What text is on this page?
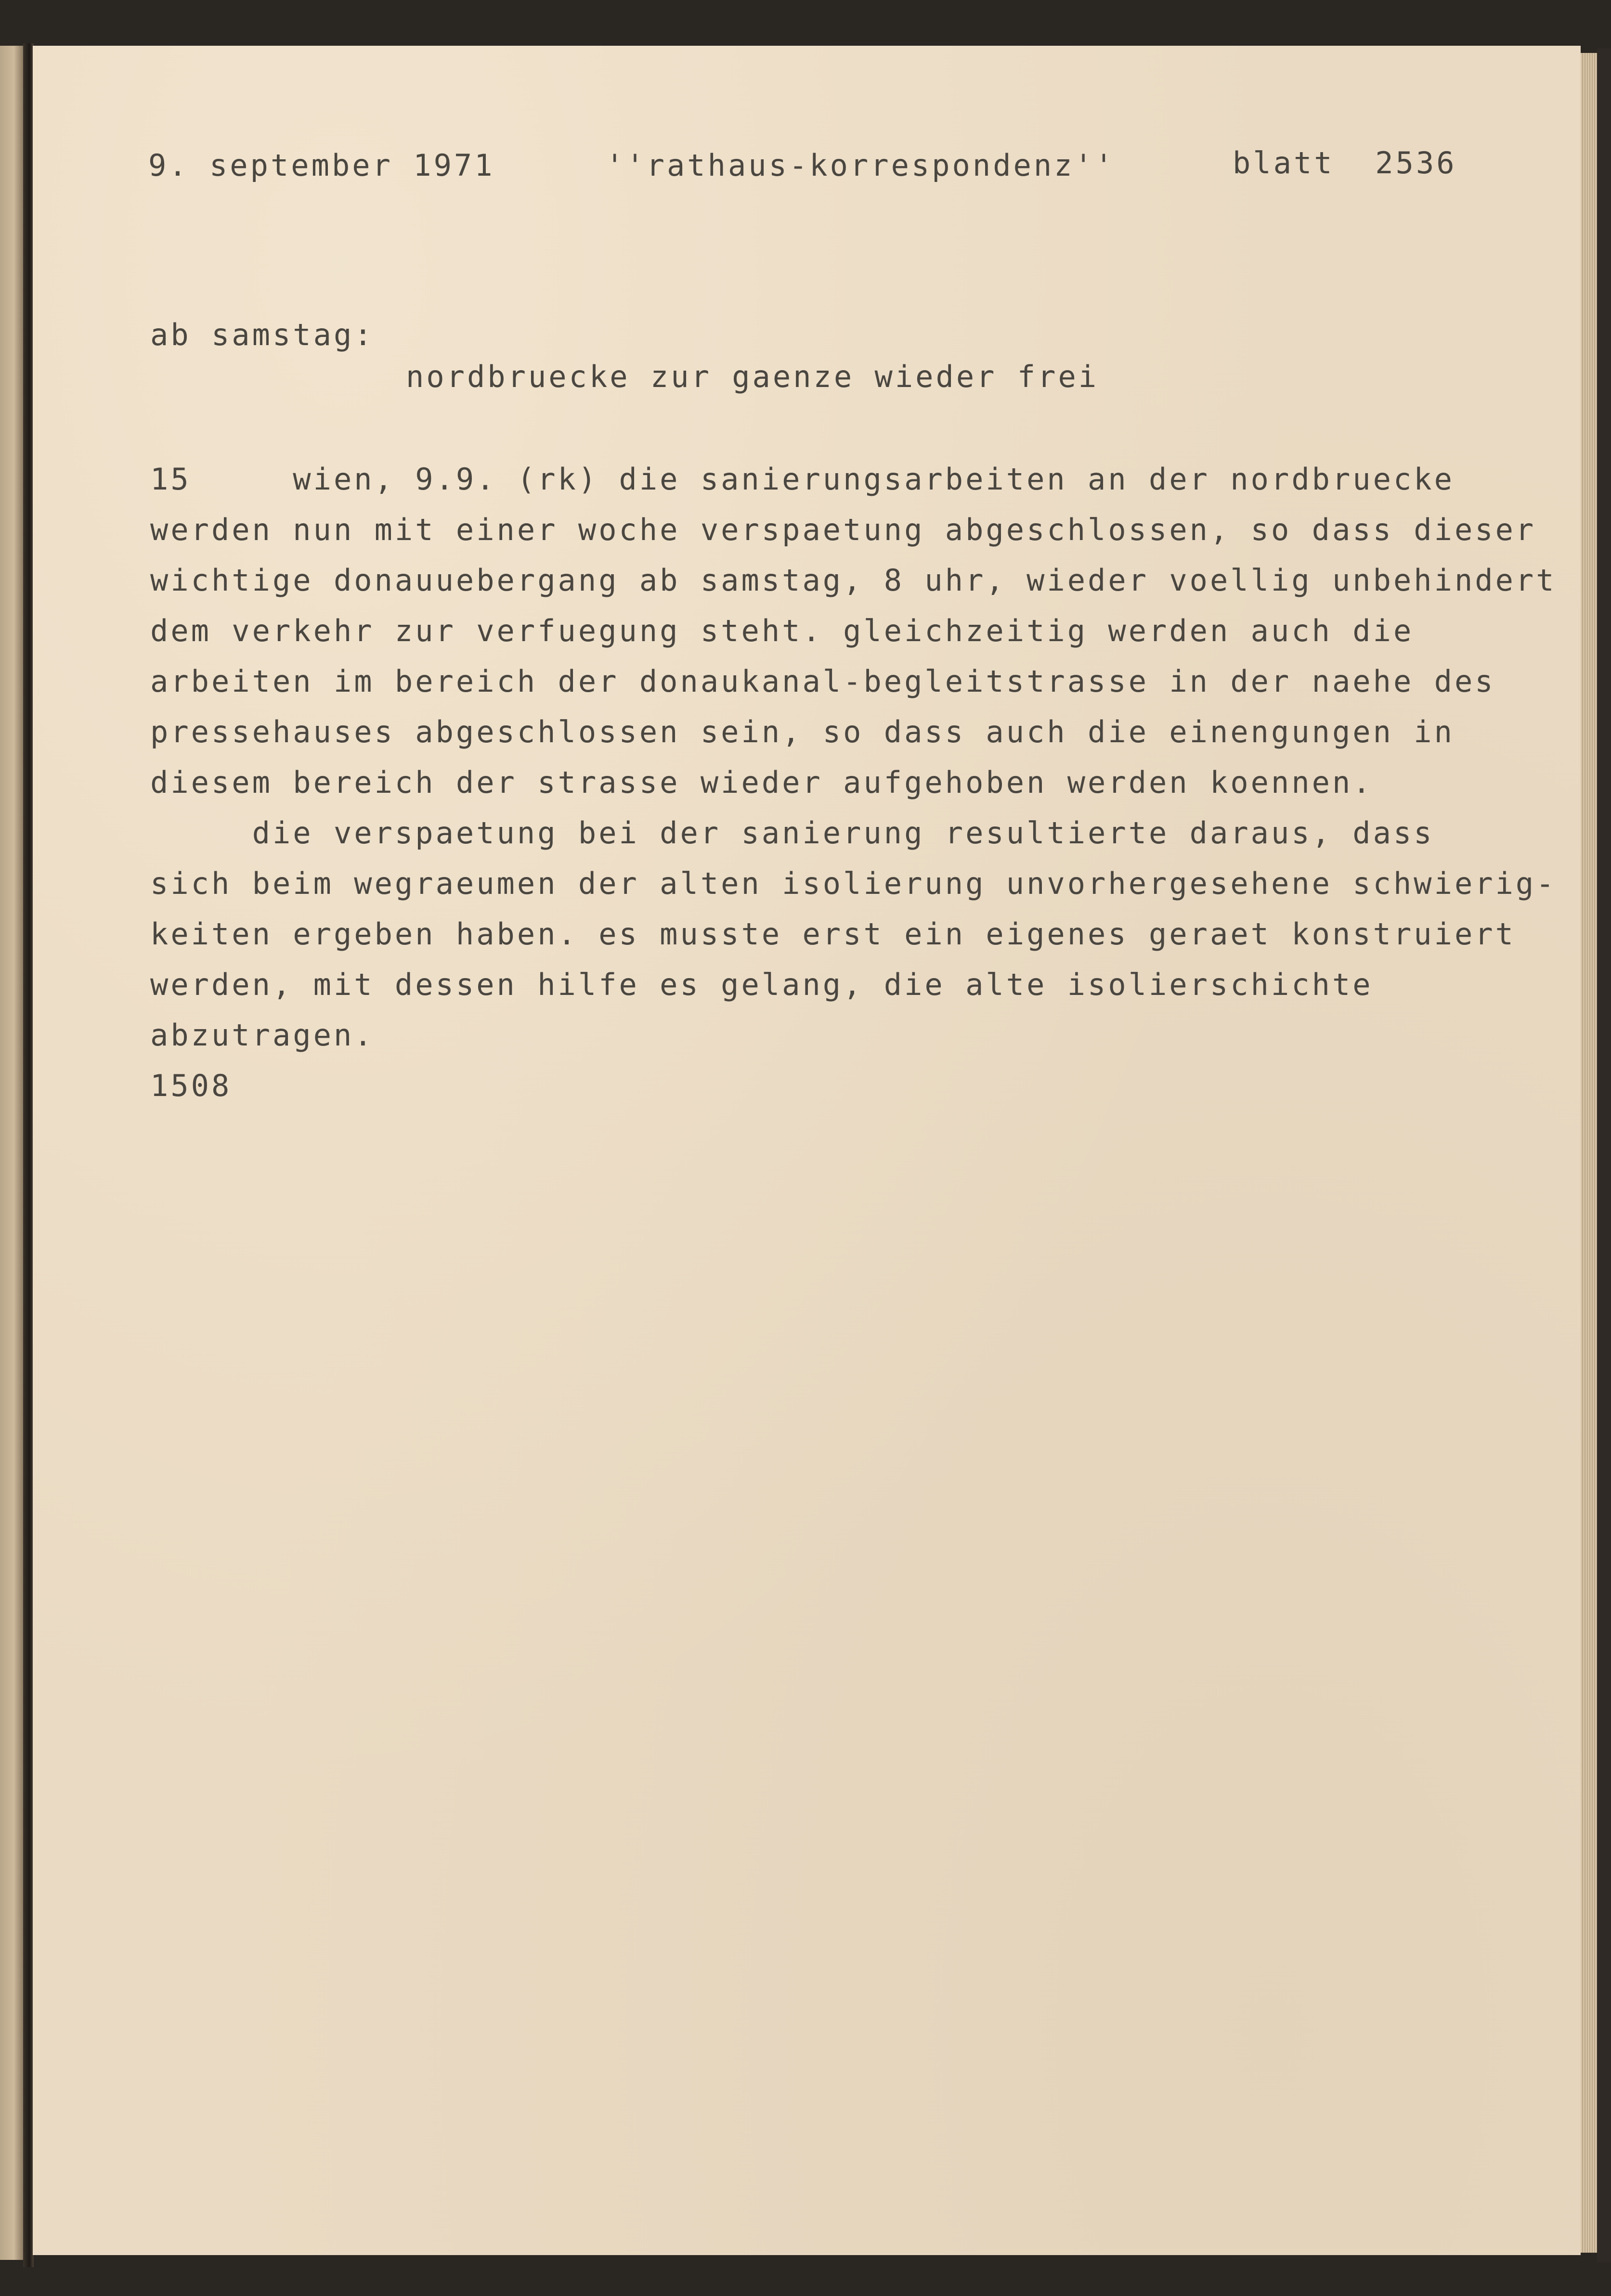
9. september 1971	''rathaus-korrespondenz''	blatt  2536
ab samstag:
nordbruecke zur gaenze wieder frei
15     wien, 9.9. (rk) die sanierungsarbeiten an der nordbruecke
werden nun mit einer woche verspaetung abgeschlossen, so dass dieser
wichtige donauuebergang ab samstag, 8 uhr, wieder voellig unbehindert
dem verkehr zur verfuegung steht. gleichzeitig werden auch die
arbeiten im bereich der donaukanal-begleitstrasse in der naehe des
pressehauses abgeschlossen sein, so dass auch die einengungen in
diesem bereich der strasse wieder aufgehoben werden koennen.
die verspaetung bei der sanierung resultierte daraus, dass
sich beim wegraeumen der alten isolierung unvorhergesehene schwierig-
keiten ergeben haben. es musste erst ein eigenes geraet konstruiert
werden, mit dessen hilfe es gelang, die alte isolierschichte
abzutragen.
1508
